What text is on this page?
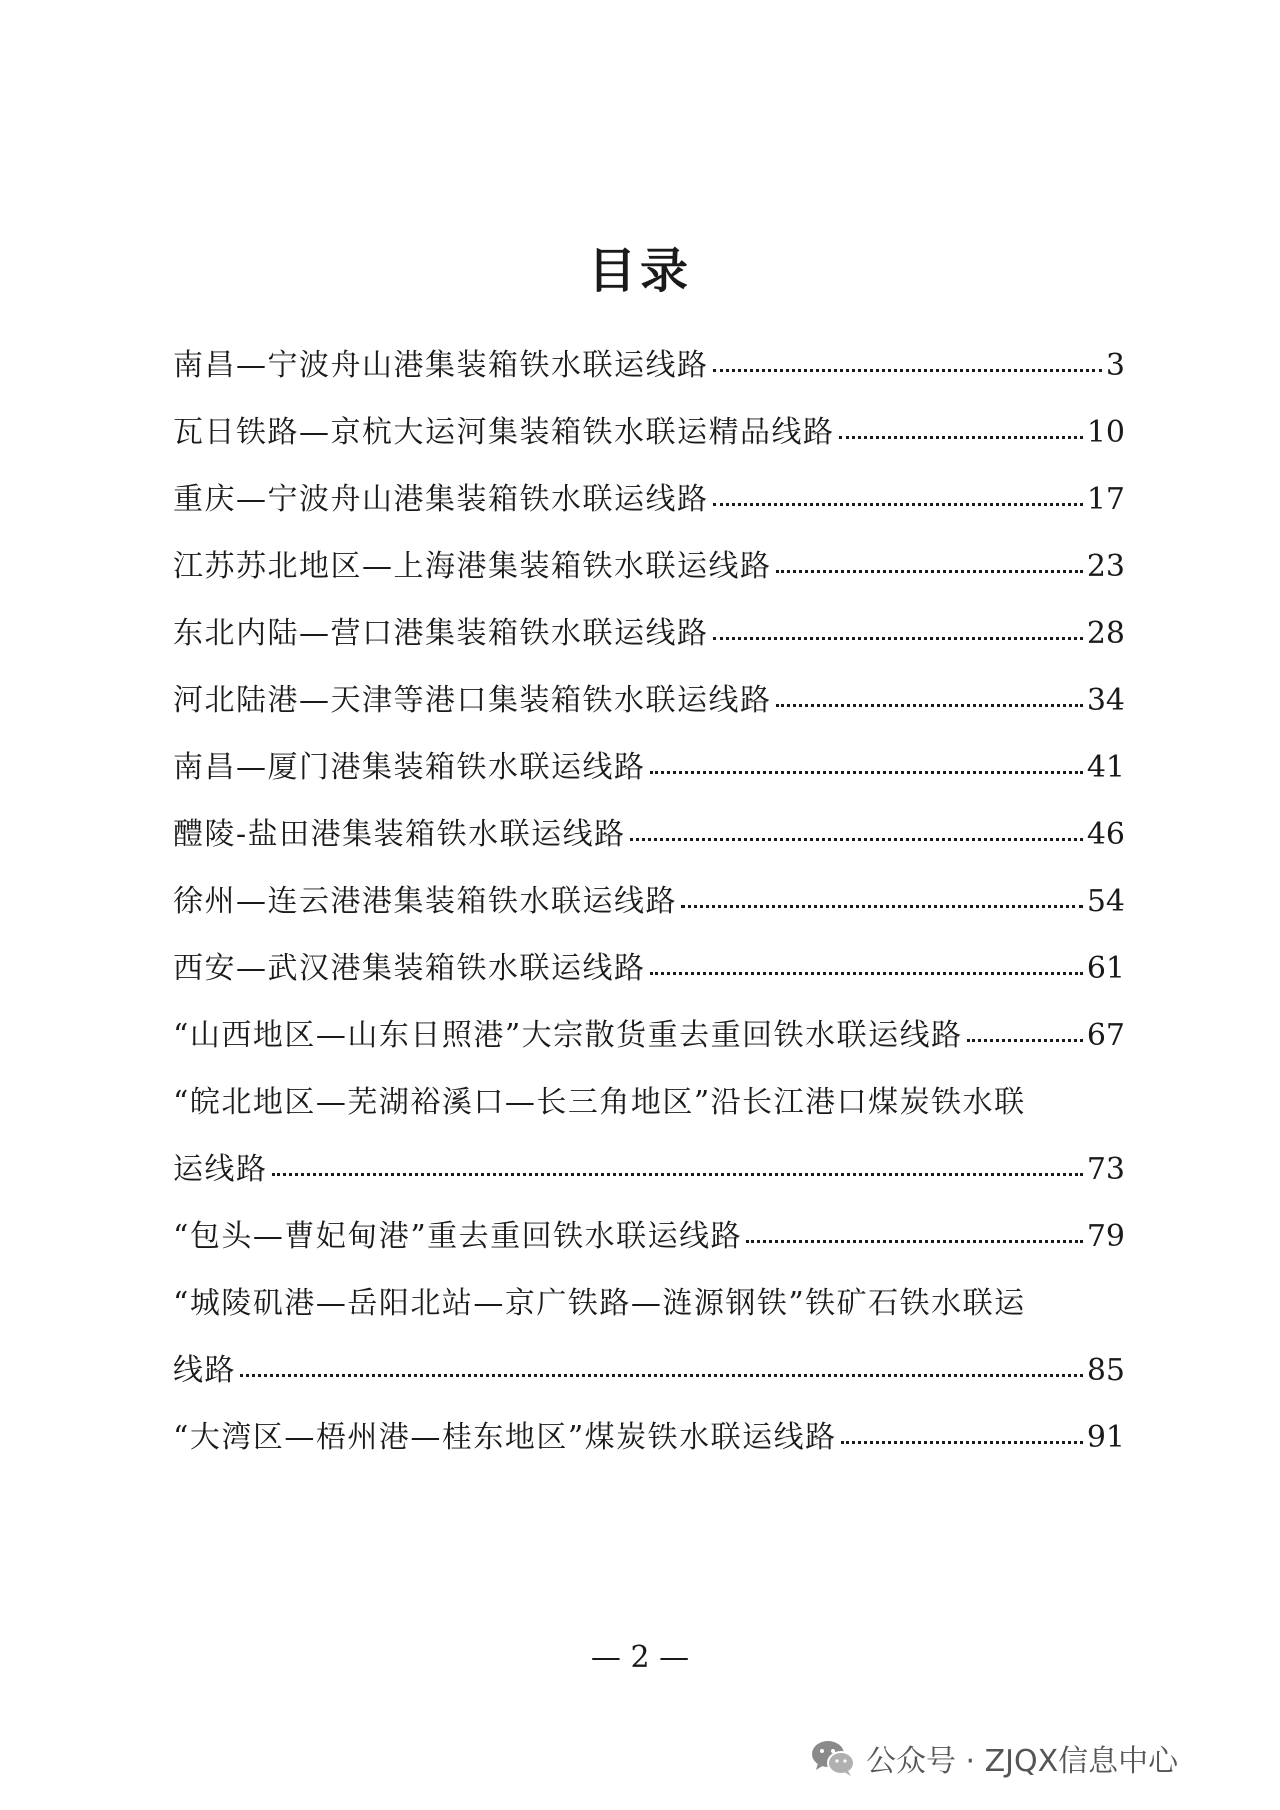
目录
南昌—宁波舟山港集装箱铁水联运线路	3
瓦日铁路—京杭大运河集装箱铁水联运精品线路	10
重庆—宁波舟山港集装箱铁水联运线路	17
江苏苏北地区—上海港集装箱铁水联运线路	23
东北内陆—营口港集装箱铁水联运线路	28
河北陆港—天津等港口集装箱铁水联运线路	34
南昌—厦门港集装箱铁水联运线路	41
醴陵-盐田港集装箱铁水联运线路	46
徐州—连云港港集装箱铁水联运线路	54
西安—武汉港集装箱铁水联运线路	61
“山西地区—山东日照港”大宗散货重去重回铁水联运线路	67
“皖北地区—芜湖裕溪口—长三角地区”沿长江港口煤炭铁水联
运线路	73
“包头—曹妃甸港”重去重回铁水联运线路	79
“城陵矶港—岳阳北站—京广铁路—涟源钢铁”铁矿石铁水联运
线路	85
“大湾区—梧州港—桂东地区”煤炭铁水联运线路	91
— 2 —
公众号 · ZJQX信息中心
